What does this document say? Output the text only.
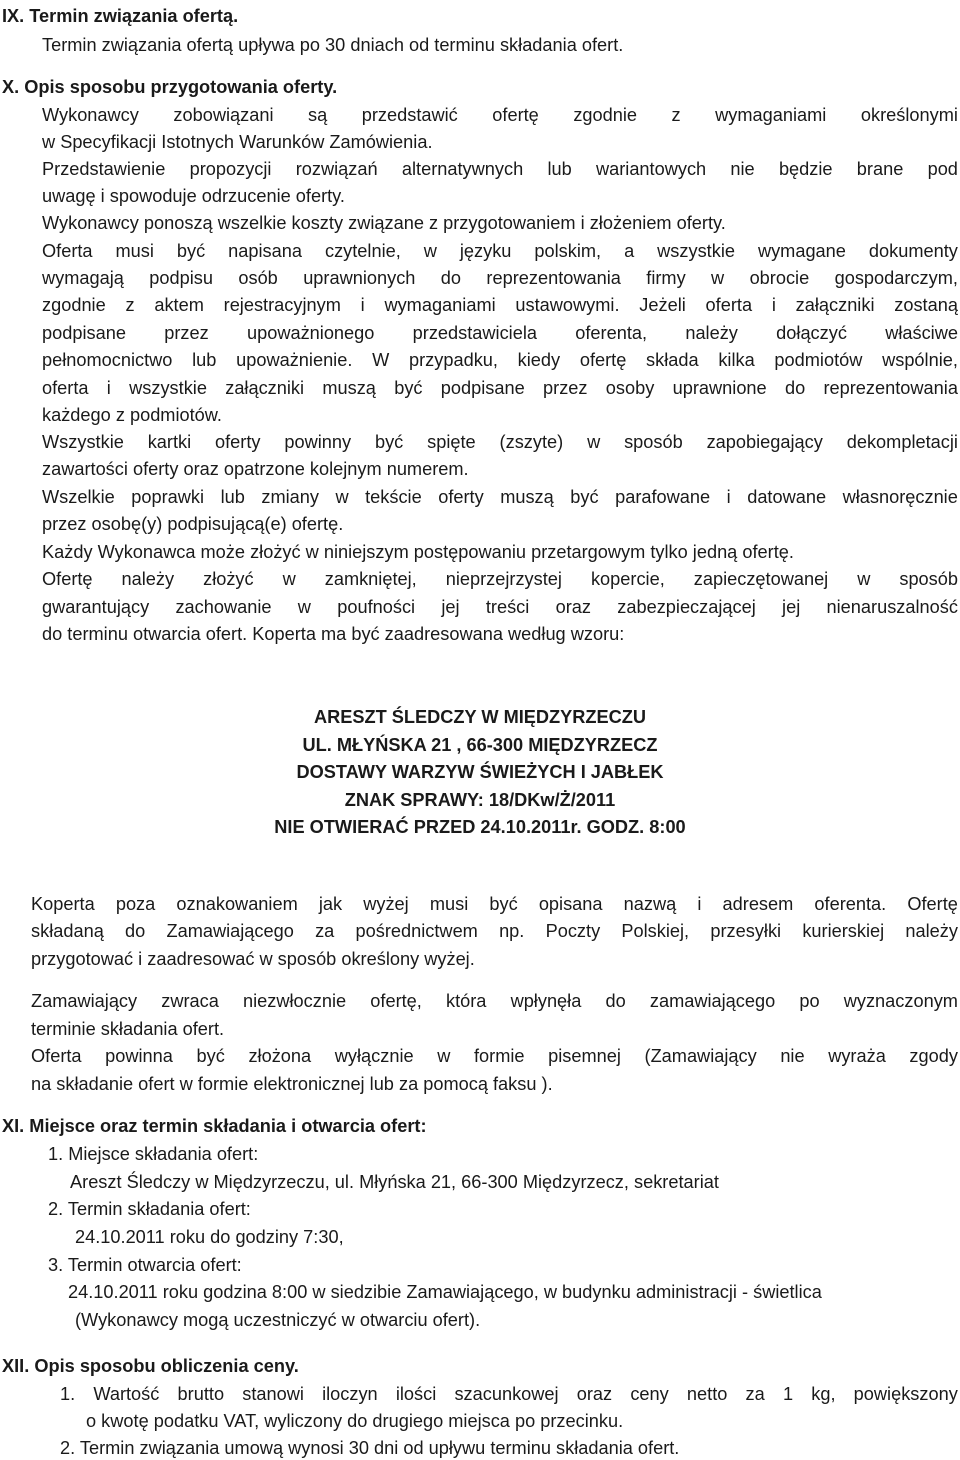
IX. Termin związania ofertą.
Termin związania ofertą upływa po 30 dniach od terminu składania ofert.
X. Opis sposobu przygotowania oferty.
Wykonawcy zobowiązani są przedstawić ofertę zgodnie z wymaganiami określonymi
w Specyfikacji Istotnych Warunków Zamówienia.
Przedstawienie propozycji rozwiązań alternatywnych lub wariantowych nie będzie brane pod
uwagę i spowoduje odrzucenie oferty.
Wykonawcy ponoszą wszelkie koszty związane z przygotowaniem i złożeniem oferty.
Oferta musi być napisana czytelnie, w języku polskim, a wszystkie wymagane dokumenty
wymagają podpisu osób uprawnionych do reprezentowania firmy w obrocie gospodarczym,
zgodnie z aktem rejestracyjnym i wymaganiami ustawowymi. Jeżeli oferta i załączniki zostaną
podpisane przez upoważnionego przedstawiciela oferenta, należy dołączyć właściwe
pełnomocnictwo lub upoważnienie. W przypadku, kiedy ofertę składa kilka podmiotów wspólnie,
oferta i wszystkie załączniki muszą być podpisane przez osoby uprawnione do reprezentowania
każdego z podmiotów.
Wszystkie kartki oferty powinny być spięte (zszyte) w sposób zapobiegający dekompletacji
zawartości oferty oraz opatrzone kolejnym numerem.
Wszelkie poprawki lub zmiany w tekście oferty muszą być parafowane i datowane własnoręcznie
przez osobę(y) podpisującą(e) ofertę.
Każdy Wykonawca może złożyć w niniejszym postępowaniu przetargowym tylko jedną ofertę.
Ofertę należy złożyć w zamkniętej, nieprzejrzystej kopercie, zapieczętowanej w sposób
gwarantujący zachowanie w poufności jej treści oraz zabezpieczającej jej nienaruszalność
do terminu otwarcia ofert. Koperta ma być zaadresowana według wzoru:
ARESZT ŚLEDCZY W MIĘDZYRZECZU
UL. MŁYŃSKA 21 , 66-300 MIĘDZYRZECZ
DOSTAWY WARZYW ŚWIEŻYCH I JABŁEK
ZNAK SPRAWY: 18/DKw/Ż/2011
NIE OTWIERAĆ PRZED 24.10.2011r. GODZ. 8:00
Koperta poza oznakowaniem jak wyżej musi być opisana nazwą i adresem oferenta. Ofertę
składaną do Zamawiającego za pośrednictwem np. Poczty Polskiej, przesyłki kurierskiej należy
przygotować i zaadresować w sposób określony wyżej.
Zamawiający zwraca niezwłocznie ofertę, która wpłynęła do zamawiającego po wyznaczonym
terminie składania ofert.
Oferta powinna być złożona wyłącznie w formie pisemnej (Zamawiający nie wyraża zgody
na składanie ofert w formie elektronicznej lub za pomocą faksu ).
XI. Miejsce oraz termin składania i otwarcia ofert:
1. Miejsce składania ofert:
Areszt Śledczy w Międzyrzeczu, ul. Młyńska 21, 66-300 Międzyrzecz, sekretariat
2. Termin składania ofert:
24.10.2011 roku do godziny 7:30,
3. Termin otwarcia ofert:
24.10.2011 roku godzina 8:00 w siedzibie Zamawiającego, w budynku administracji - świetlica
(Wykonawcy mogą uczestniczyć w otwarciu ofert).
XII. Opis sposobu obliczenia ceny.
1. Wartość brutto stanowi iloczyn ilości szacunkowej oraz ceny netto za 1 kg, powiększony
o kwotę podatku VAT, wyliczony do drugiego miejsca po przecinku.
2. Termin związania umową wynosi 30 dni od upływu terminu składania ofert.
